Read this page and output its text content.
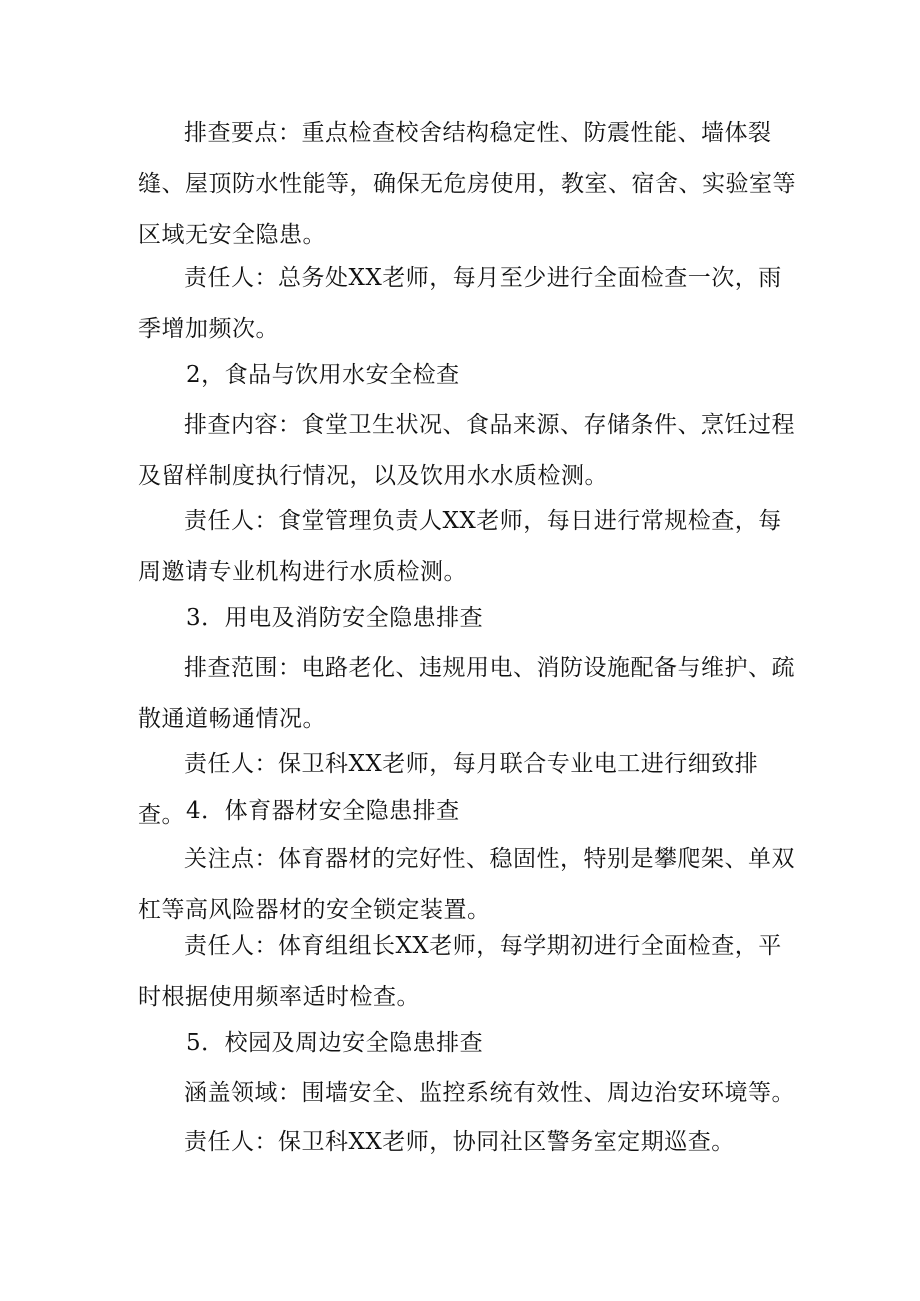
排查要点：重点检查校舍结构稳定性、防震性能、墙体裂缝、屋顶防水性能等，确保无危房使用，教室、宿舍、实验室等区域无安全隐患。

责任人：总务处XX老师，每月至少进行全面检查一次，雨季增加频次。

2，食品与饮用水安全检查

排查内容：食堂卫生状况、食品来源、存储条件、烹饪过程及留样制度执行情况，以及饮用水水质检测。

责任人：食堂管理负责人XX老师，每日进行常规检查，每周邀请专业机构进行水质检测。

3．用电及消防安全隐患排查

排查范围：电路老化、违规用电、消防设施配备与维护、疏散通道畅通情况。

责任人：保卫科XX老师，每月联合专业电工进行细致排查。 4．体育器材安全隐患排查

关注点：体育器材的完好性、稳固性，特别是攀爬架、单双杠等高风险器材的安全锁定装置。

责任人：体育组组长XX老师，每学期初进行全面检查，平时根据使用频率适时检查。

5．校园及周边安全隐患排查

涵盖领域：围墙安全、监控系统有效性、周边治安环境等。

责任人：保卫科XX老师，协同社区警务室定期巡查。
